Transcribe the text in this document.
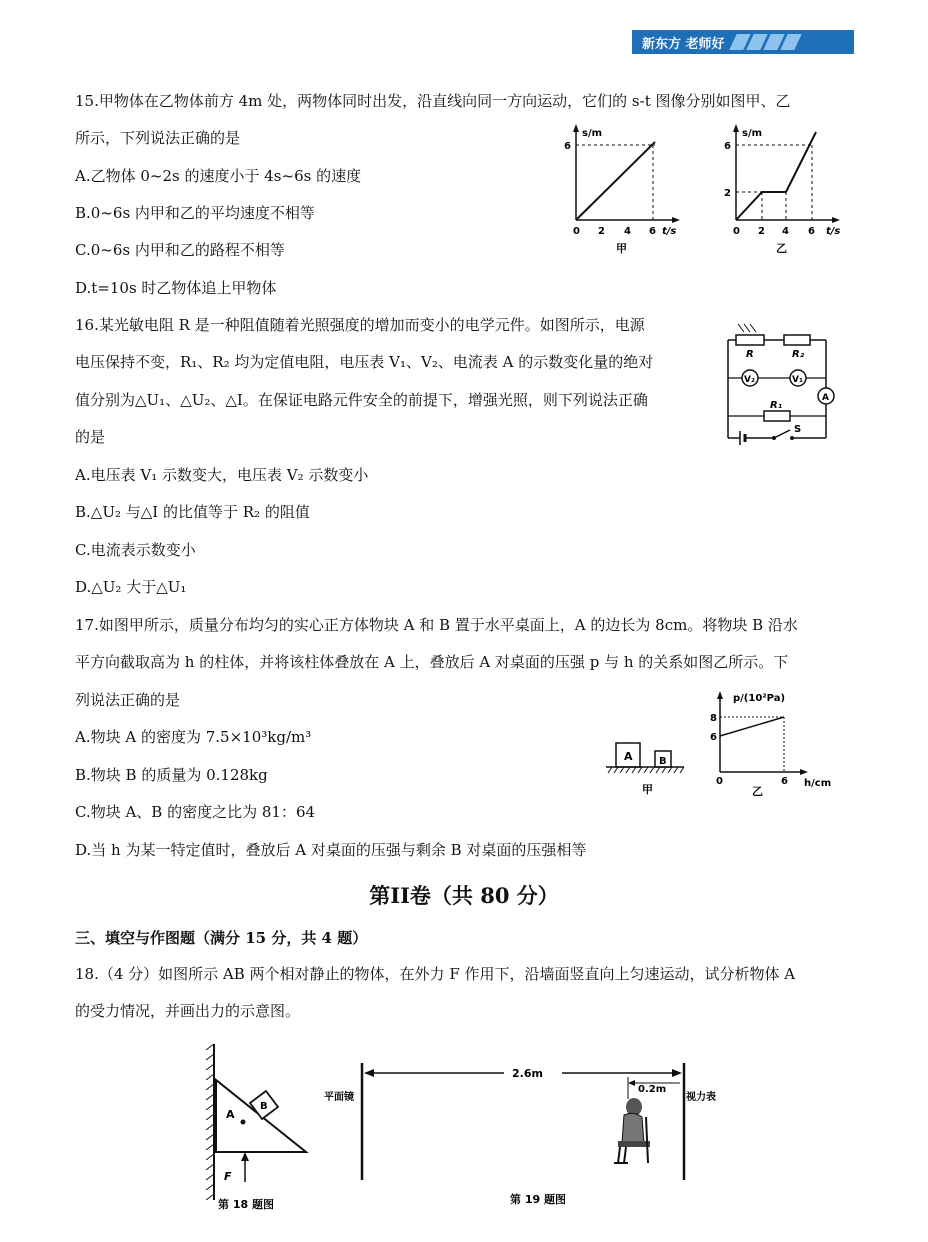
新东方 老师好
15.甲物体在乙物体前方 4m 处，两物体同时出发，沿直线向同一方向运动，它们的 s-t 图像分别如图甲、乙
所示，下列说法正确的是
A.乙物体 0~2s 的速度小于 4s~6s 的速度
B.0~6s 内甲和乙的平均速度不相等
C.0~6s 内甲和乙的路程不相等
D.t=10s 时乙物体追上甲物体
s/m
6
0 2 4 6 t/s
甲
s/m
6
2
0 2 4 6 t/s
乙
16.某光敏电阻 R 是一种阻值随着光照强度的增加而变小的电学元件。如图所示，电源
电压保持不变，R₁、R₂ 均为定值电阻，电压表 V₁、V₂、电流表 A 的示数变化量的绝对
值分别为△U₁、△U₂、△I。在保证电路元件安全的前提下，增强光照，则下列说法正确
的是
A.电压表 V₁ 示数变大，电压表 V₂ 示数变小
B.△U₂ 与△I 的比值等于 R₂ 的阻值
C.电流表示数变小
D.△U₂ 大于△U₁
R	R₂
V₂	V₁
A
R₁
S
17.如图甲所示，质量分布均匀的实心正方体物块 A 和 B 置于水平桌面上，A 的边长为 8cm。将物块 B 沿水
平方向截取高为 h 的柱体，并将该柱体叠放在 A 上，叠放后 A 对桌面的压强 p 与 h 的关系如图乙所示。下
列说法正确的是
A.物块 A 的密度为 7.5×10³kg/m³
B.物块 B 的质量为 0.128kg
C.物块 A、B 的密度之比为 81：64
D.当 h 为某一特定值时，叠放后 A 对桌面的压强与剩余 B 对桌面的压强相等
A	B
甲
p/(10²Pa)
8
6
0	6 h/cm
乙
第II卷（共 80 分）
三、填空与作图题（满分 15 分，共 4 题）
18.（4 分）如图所示 AB 两个相对静止的物体，在外力 F 作用下，沿墙面竖直向上匀速运动，试分析物体 A
的受力情况，并画出力的示意图。
A
B
F
第 18 题图
2.6m
0.2m
平面镜	视力表
第 19 题图
